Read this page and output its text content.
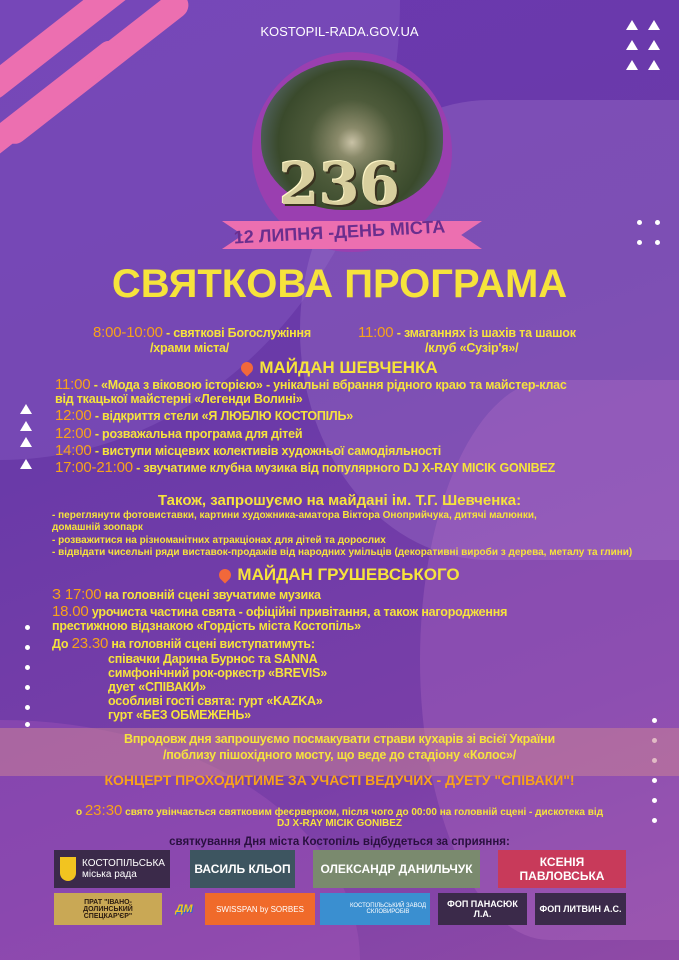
KOSTOPIL-RADA.GOV.UA
236
12 ЛИПНЯ -ДЕНЬ МІСТА
СВЯТКОВА ПРОГРАМА
8:00-10:00 - святкові Богослужіння
/храми міста/
11:00 - змаганнях із шахів та шашок
/клуб «Сузір'я»/
МАЙДАН ШЕВЧЕНКА
11:00 - «Мода з віковою історією» - унікальні вбрання рідного краю та майстер-клас
від ткацької майстерні «Легенди Волині»
12:00 - відкриття стели «Я ЛЮБЛЮ КОСТОПІЛЬ»
12:00 - розважальна програма для дітей
14:00 - виступи місцевих колективів художньої самодіяльності
17:00-21:00 - звучатиме клубна музика від популярного DJ X-RAY MICIK GONIBEZ
Також, запрошуємо на майдані ім. Т.Г. Шевченка:
- переглянути фотовиставки, картини художника-аматора Віктора Оноприйчука, дитячі малюнки,
домашній зоопарк
- розважитися на різноманітних атракціонах для дітей та дорослих
- відвідати чисельні ряди виставок-продажів від народних умільців (декоративні вироби з дерева, металу та глини)
МАЙДАН ГРУШЕВСЬКОГО
З 17:00 на головній сцені звучатиме музика
18.00 урочиста частина свята - офіційні привітання, а також нагородження
престижною відзнакою «Гордість міста Костопіль»
До 23.30 на головній сцені виступатимуть:
співачки Дарина Бурнос та SANNA
симфонічний рок-оркестр «BREVIS»
дует «СПІВАКИ»
особливі гості свята: гурт «KAZKA»
гурт «БЕЗ ОБМЕЖЕНЬ»
Впродовж дня запрошуємо посмакувати страви кухарів зі всієї України
/поблизу пішохідного мосту, що веде до стадіону «Колос»/
КОНЦЕРТ ПРОХОДИТИМЕ ЗА УЧАСТІ ВЕДУЧИХ - ДУЕТУ "СПІВАКИ"!
о 23:30 свято увінчається святковим феєрверком, після чого до 00:00 на головній сцені - дискотека від
DJ X-RAY MICIK GONIBEZ
святкування Дня міста Костопіль відбудеться за сприяння:
КОСТОПІЛЬСЬКА
міська рада	ВАСИЛЬ КЛЬОП	ОЛЕКСАНДР ДАНИЛЬЧУК	КСЕНІЯ ПАВЛОВСЬКА
ПРАТ "ІВАНО-ДОЛИНСЬКИЙ СПЕЦКАР'ЄР"
ДМ	SWISSPAN by SORBES	КОСТОПІЛЬСЬКИЙ ЗАВОД СКЛОВИРОБІВ
ФОП ПАНАСЮК Л.А.	ФОП ЛИТВИН А.С.
